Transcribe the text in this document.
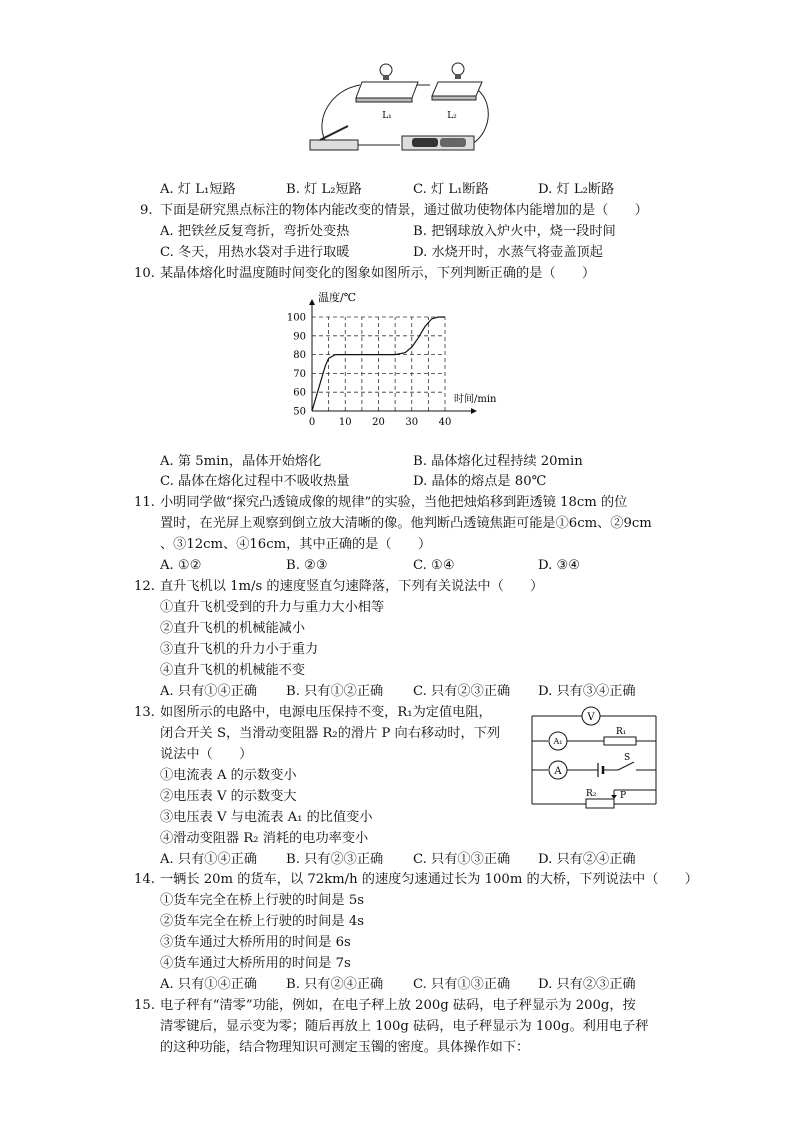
L₁	L₂
A. 灯 L₁短路	B. 灯 L₂短路	C. 灯 L₁断路	D. 灯 L₂断路
9. 下面是研究黑点标注的物体内能改变的情景，通过做功使物体内能增加的是（　　）
A. 把铁丝反复弯折，弯折处变热	B. 把钢球放入炉火中，烧一段时间
C. 冬天，用热水袋对手进行取暖	D. 水烧开时，水蒸气将壶盖顶起
10. 某晶体熔化时温度随时间变化的图象如图所示，下列判断正确的是（　　）
温度/℃
时间/min
0 10 20 30 40
50
60
70
80
90
100
A. 第 5min，晶体开始熔化	B. 晶体熔化过程持续 20min
C. 晶体在熔化过程中不吸收热量	D. 晶体的熔点是 80℃
11. 小明同学做“探究凸透镜成像的规律”的实验，当他把烛焰移到距透镜 18cm 的位
置时，在光屏上观察到倒立放大清晰的像。他判断凸透镜焦距可能是①6cm、②9cm
、③12cm、④16cm，其中正确的是（　　）
A. ①②	B. ②③	C. ①④	D. ③④
12. 直升飞机以 1m/s 的速度竖直匀速降落，下列有关说法中（　　）
①直升飞机受到的升力与重力大小相等
②直升飞机的机械能减小
③直升飞机的升力小于重力
④直升飞机的机械能不变
A. 只有①④正确 B. 只有①②正确 C. 只有②③正确 D. 只有③④正确
13. 如图所示的电路中，电源电压保持不变，R₁为定值电阻，
闭合开关 S，当滑动变阻器 R₂的滑片 P 向右移动时，下列
说法中（　　）
①电流表 A 的示数变小
②电压表 V 的示数变大
③电压表 V 与电流表 A₁ 的比值变小
④滑动变阻器 R₂ 消耗的电功率变小
A. 只有①④正确 B. 只有②③正确 C. 只有①③正确 D. 只有②④正确
V
A₁
R₁
A
S
R₂	P
14. 一辆长 20m 的货车，以 72km/h 的速度匀速通过长为 100m 的大桥，下列说法中（　　）
①货车完全在桥上行驶的时间是 5s
②货车完全在桥上行驶的时间是 4s
③货车通过大桥所用的时间是 6s
④货车通过大桥所用的时间是 7s
A. 只有①④正确 B. 只有②④正确 C. 只有①③正确 D. 只有②③正确
15. 电子秤有“清零”功能，例如，在电子秤上放 200g 砝码，电子秤显示为 200g，按
清零键后，显示变为零；随后再放上 100g 砝码，电子秤显示为 100g。利用电子秤
的这种功能，结合物理知识可测定玉镯的密度。具体操作如下：
